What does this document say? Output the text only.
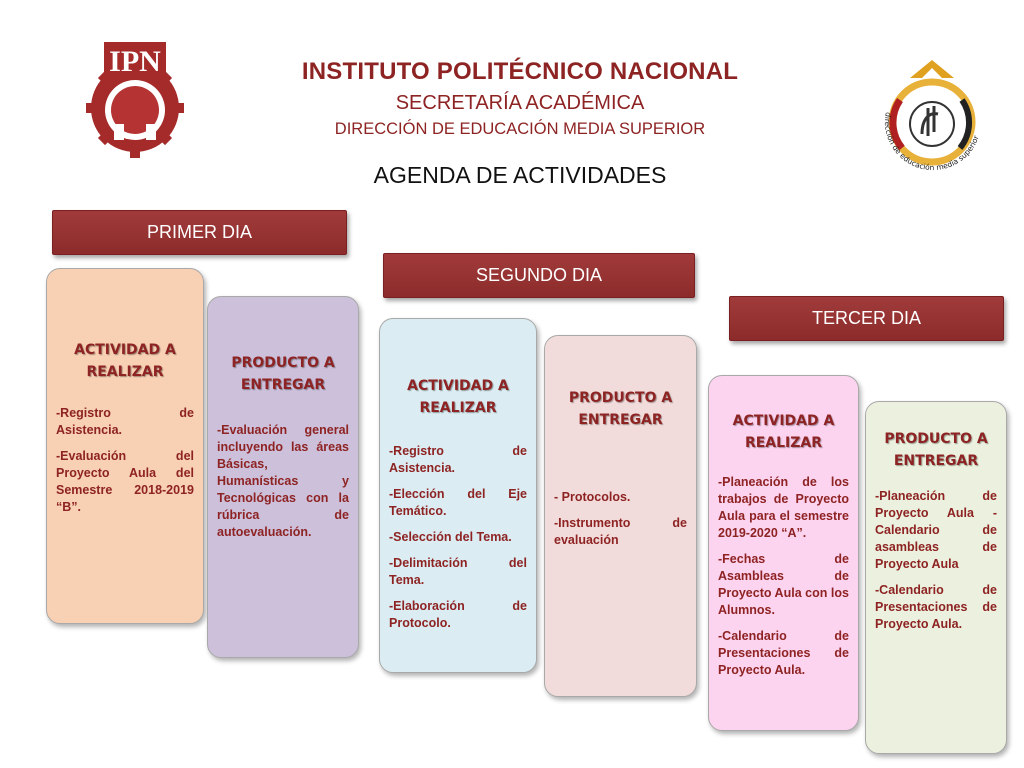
IPN
dirección de educación media superior
INSTITUTO POLITÉCNICO NACIONAL
SECRETARÍA ACADÉMICA
DIRECCIÓN DE EDUCACIÓN MEDIA SUPERIOR
AGENDA DE ACTIVIDADES
PRIMER DIA
SEGUNDO DIA
TERCER DIA
ACTIVIDAD A REALIZAR
-Registro de Asistencia.
-Evaluación del Proyecto Aula del Semestre 2018-2019 “B”.
PRODUCTO A ENTREGAR
-Evaluación general incluyendo las áreas Básicas, Humanísticas y Tecnológicas con la rúbrica de autoevaluación.
ACTIVIDAD A REALIZAR
-Registro de Asistencia.
-Elección del Eje Temático.
-Selección del Tema.
-Delimitación del Tema.
-Elaboración de Protocolo.
PRODUCTO A ENTREGAR
- Protocolos.
-Instrumento de evaluación
ACTIVIDAD A REALIZAR
-Planeación de los trabajos de Proyecto Aula para el semestre 2019-2020 “A”.
-Fechas de Asambleas de Proyecto Aula con los Alumnos.
-Calendario de Presentaciones de Proyecto Aula.
PRODUCTO A ENTREGAR
-Planeación de Proyecto Aula - Calendario de asambleas de Proyecto Aula
-Calendario de Presentaciones de Proyecto Aula.
